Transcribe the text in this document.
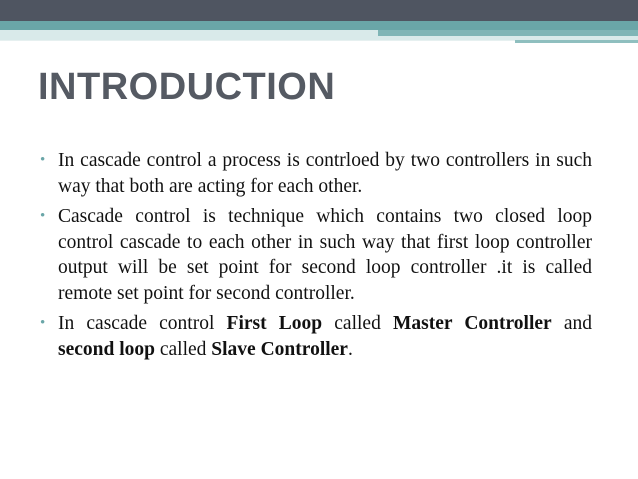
INTRODUCTION
• In cascade control a process is contrloed by two controllers in such way that both are acting for each other.
• Cascade control is technique which contains two closed loop control cascade to each other in such way that first loop controller output will be set point for second loop controller .it is called remote set point for second controller.
• In cascade control First Loop called Master Controller and second loop called Slave Controller.
